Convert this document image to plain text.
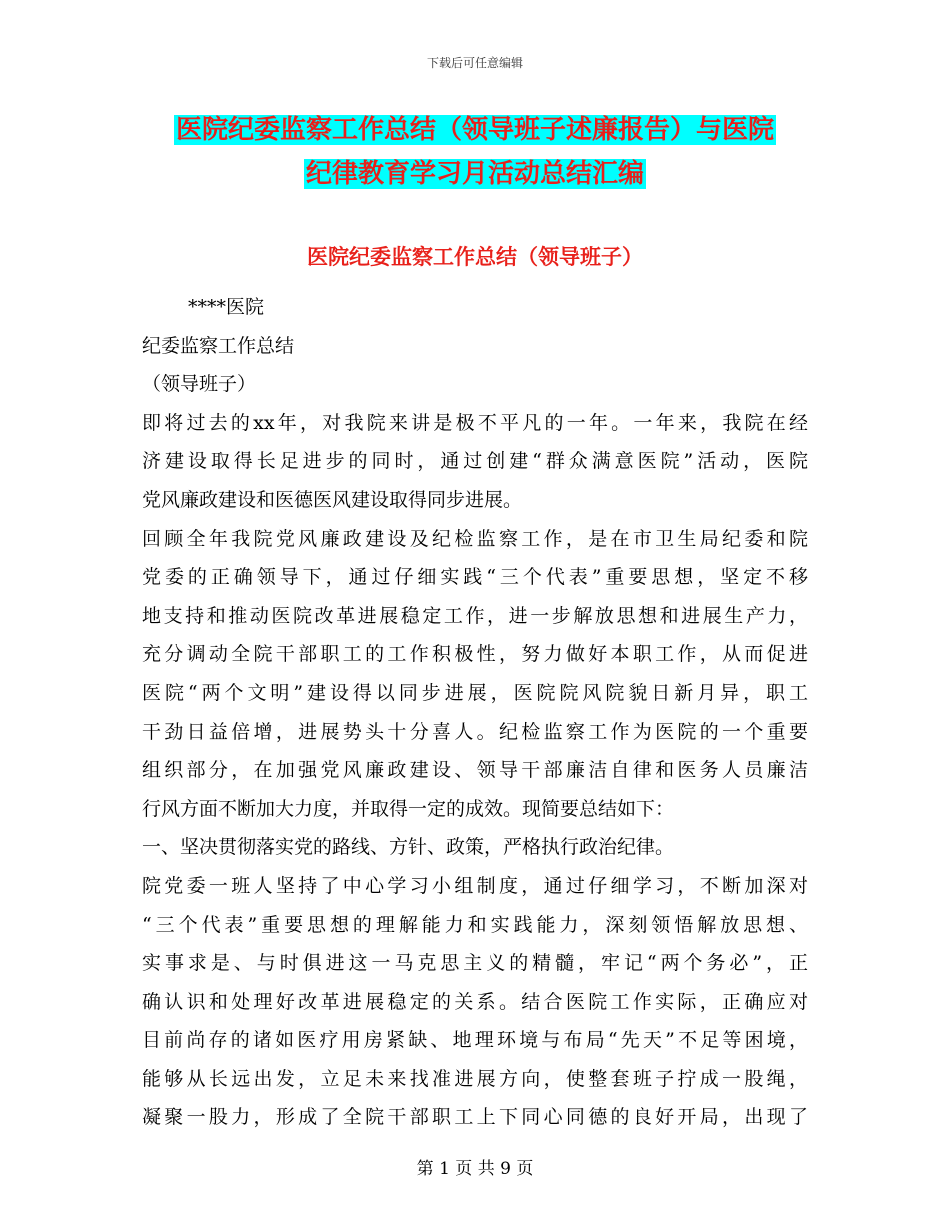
下载后可任意编辑
医院纪委监察工作总结（领导班子述廉报告）与医院
纪律教育学习月活动总结汇编
医院纪委监察工作总结（领导班子）
****医院
纪委监察工作总结
（领导班子）
即将过去的xx年，对我院来讲是极不平凡的一年。一年来，我院在经
济建设取得长足进步的同时，通过创建“群众满意医院”活动，医院
党风廉政建设和医德医风建设取得同步进展。
回顾全年我院党风廉政建设及纪检监察工作，是在市卫生局纪委和院
党委的正确领导下，通过仔细实践“三个代表”重要思想，坚定不移
地支持和推动医院改革进展稳定工作，进一步解放思想和进展生产力，
充分调动全院干部职工的工作积极性，努力做好本职工作，从而促进
医院“两个文明”建设得以同步进展，医院院风院貌日新月异，职工
干劲日益倍增，进展势头十分喜人。纪检监察工作为医院的一个重要
组织部分，在加强党风廉政建设、领导干部廉洁自律和医务人员廉洁
行风方面不断加大力度，并取得一定的成效。现简要总结如下：
一、坚决贯彻落实党的路线、方针、政策，严格执行政治纪律。
院党委一班人坚持了中心学习小组制度，通过仔细学习，不断加深对
“三个代表”重要思想的理解能力和实践能力，深刻领悟解放思想、
实事求是、与时俱进这一马克思主义的精髓，牢记“两个务必”，正
确认识和处理好改革进展稳定的关系。结合医院工作实际，正确应对
目前尚存的诸如医疗用房紧缺、地理环境与布局“先天”不足等困境，
能够从长远出发，立足未来找准进展方向，使整套班子拧成一股绳，
凝聚一股力，形成了全院干部职工上下同心同德的良好开局，出现了
第 1 页 共 9 页
